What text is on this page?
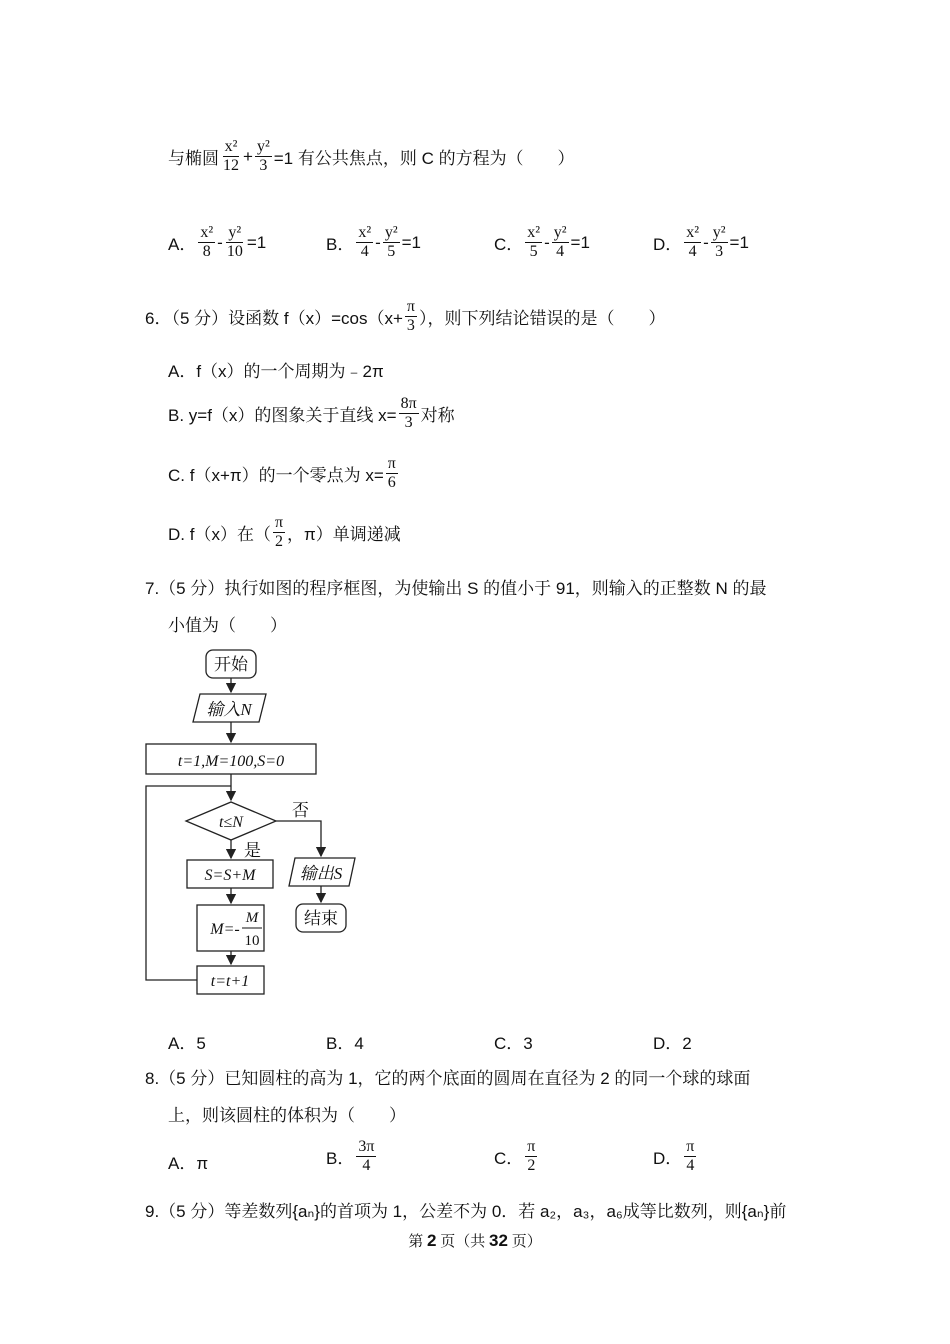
与椭圆 $\frac{\text{x²}}{12} + \frac{\text{y²}}{3} =1$ 有公共焦点，则 C 的方程为（　　）
A． $\frac{\text{x²}}{8} - \frac{\text{y²}}{10} =1$	B． $\frac{\text{x²}}{4} - \frac{\text{y²}}{5} =1$	C． $\frac{\text{x²}}{5} - \frac{\text{y²}}{4} =1$	D． $\frac{\text{x²}}{4} - \frac{\text{y²}}{3} =1$
6．（5 分）设函数 $f(x)=\cos(x+ \frac{\pi}{3}$ ），则下列结论错误的是（　　）
A．f（x）的一个周期为﹣2π
B. y=f（x）的图象关于直线 $x= \frac{8\pi}{3}$ 对称
C. f（x+π）的一个零点为 $x= \frac{\pi}{6}$
D. f（x）在（ $\frac{\pi}{2}$ ，π）单调递减
7.（5 分）执行如图的程序框图，为使输出 S 的值小于 91，则输入的正整数 N 的最
小值为（　　）
开始
输入N
t=1,M=100,S=0
t≤N
否
是
S=S+M
M=-
M
10
t=t+1
输出S
结束
A．5	B．4	C．3	D．2
8.（5 分）已知圆柱的高为 1，它的两个底面的圆周在直径为 2 的同一个球的球面
上，则该圆柱的体积为（　　）
A．π	B． $\frac{3\pi}{4}$	C． $\frac{\pi}{2}$	D． $\frac{\pi}{4}$
9.（5 分）等差数列{aₙ}的首项为 1，公差不为 0．若 a₂，a₃，a₆成等比数列，则{aₙ}前
第 2 页（共 32 页）
